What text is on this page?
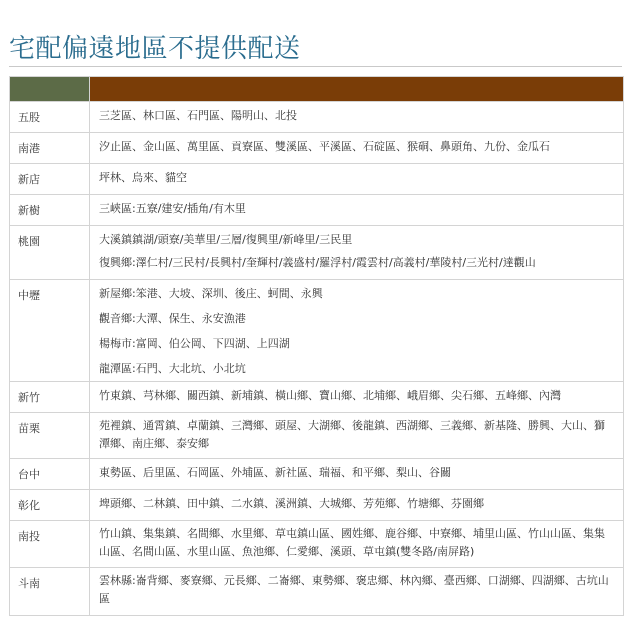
宅配偏遠地區不提供配送

五股	三芝區、林口區、石門區、陽明山、北投

南港	汐止區、金山區、萬里區、貢寮區、雙溪區、平溪區、石碇區、猴硐、鼻頭角、九份、金瓜石

新店	坪林、烏來、貓空

新樹	三峽區:五寮/建安/插角/有木里

桃園	大溪鎮鎮湖/頭寮/美華里/三層/復興里/新峰里/三民里
復興鄉:澤仁村/三民村/長興村/奎輝村/義盛村/羅浮村/霞雲村/高義村/華陵村/三光村/達觀山

中壢	新屋鄉:笨港、大坡、深圳、後庄、蚵間、永興
觀音鄉:大潭、保生、永安漁港
楊梅市:富岡、伯公岡、下四湖、上四湖
龍潭區:石門、大北坑、小北坑

新竹	竹東鎮、芎林鄉、關西鎮、新埔鎮、橫山鄉、寶山鄉、北埔鄉、峨眉鄉、尖石鄉、五峰鄉、內灣

苗栗	苑裡鎮、通霄鎮、卓蘭鎮、三灣鄉、頭屋、大湖鄉、後龍鎮、西湖鄉、三義鄉、新基隆、勝興、大山、獅潭鄉、南庄鄉、泰安鄉

台中	東勢區、后里區、石岡區、外埔區、新社區、瑞福、和平鄉、梨山、谷關

彰化	埤頭鄉、二林鎮、田中鎮、二水鎮、溪洲鎮、大城鄉、芳苑鄉、竹塘鄉、芬園鄉

南投	竹山鎮、集集鎮、名間鄉、水里鄉、草屯鎮山區、國姓鄉、鹿谷鄉、中寮鄉、埔里山區、竹山山區、集集山區、名間山區、水里山區、魚池鄉、仁愛鄉、溪頭、草屯鎮(雙冬路/南屏路)

斗南	雲林縣:崙背鄉、麥寮鄉、元長鄉、二崙鄉、東勢鄉、褒忠鄉、林內鄉、臺西鄉、口湖鄉、四湖鄉、古坑山區
